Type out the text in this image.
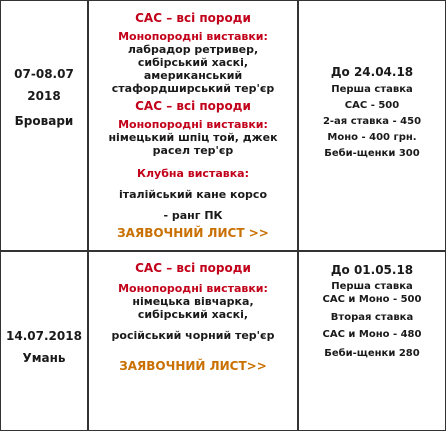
07-08.07
2018
Бровари
САС – всі породи
Монопородні виставки:
лабрадор ретривер,
сибірський хаскі,
американський
стафордширський тер'єр
САС – всі породи
Монопородні виставки:
німецький шпіц той, джек
расел тер'єр
Клубна виставка:
італійський кане корсо
- ранг ПК
ЗАЯВОЧНИЙ ЛИСТ >>
До 24.04.18
Перша ставка
САС - 500
2-ая ставка - 450
Моно - 400 грн.
Беби-щенки 300
14.07.2018
Умань
САС – всі породи
Монопородні виставки:
німецька вівчарка,
сибірський хаскі,
російський чорний тер'єр
ЗАЯВОЧНИЙ ЛИСТ>>
До 01.05.18
Перша ставка
САС и Моно - 500
Вторая ставка
САС и Моно - 480
Беби-щенки 280
